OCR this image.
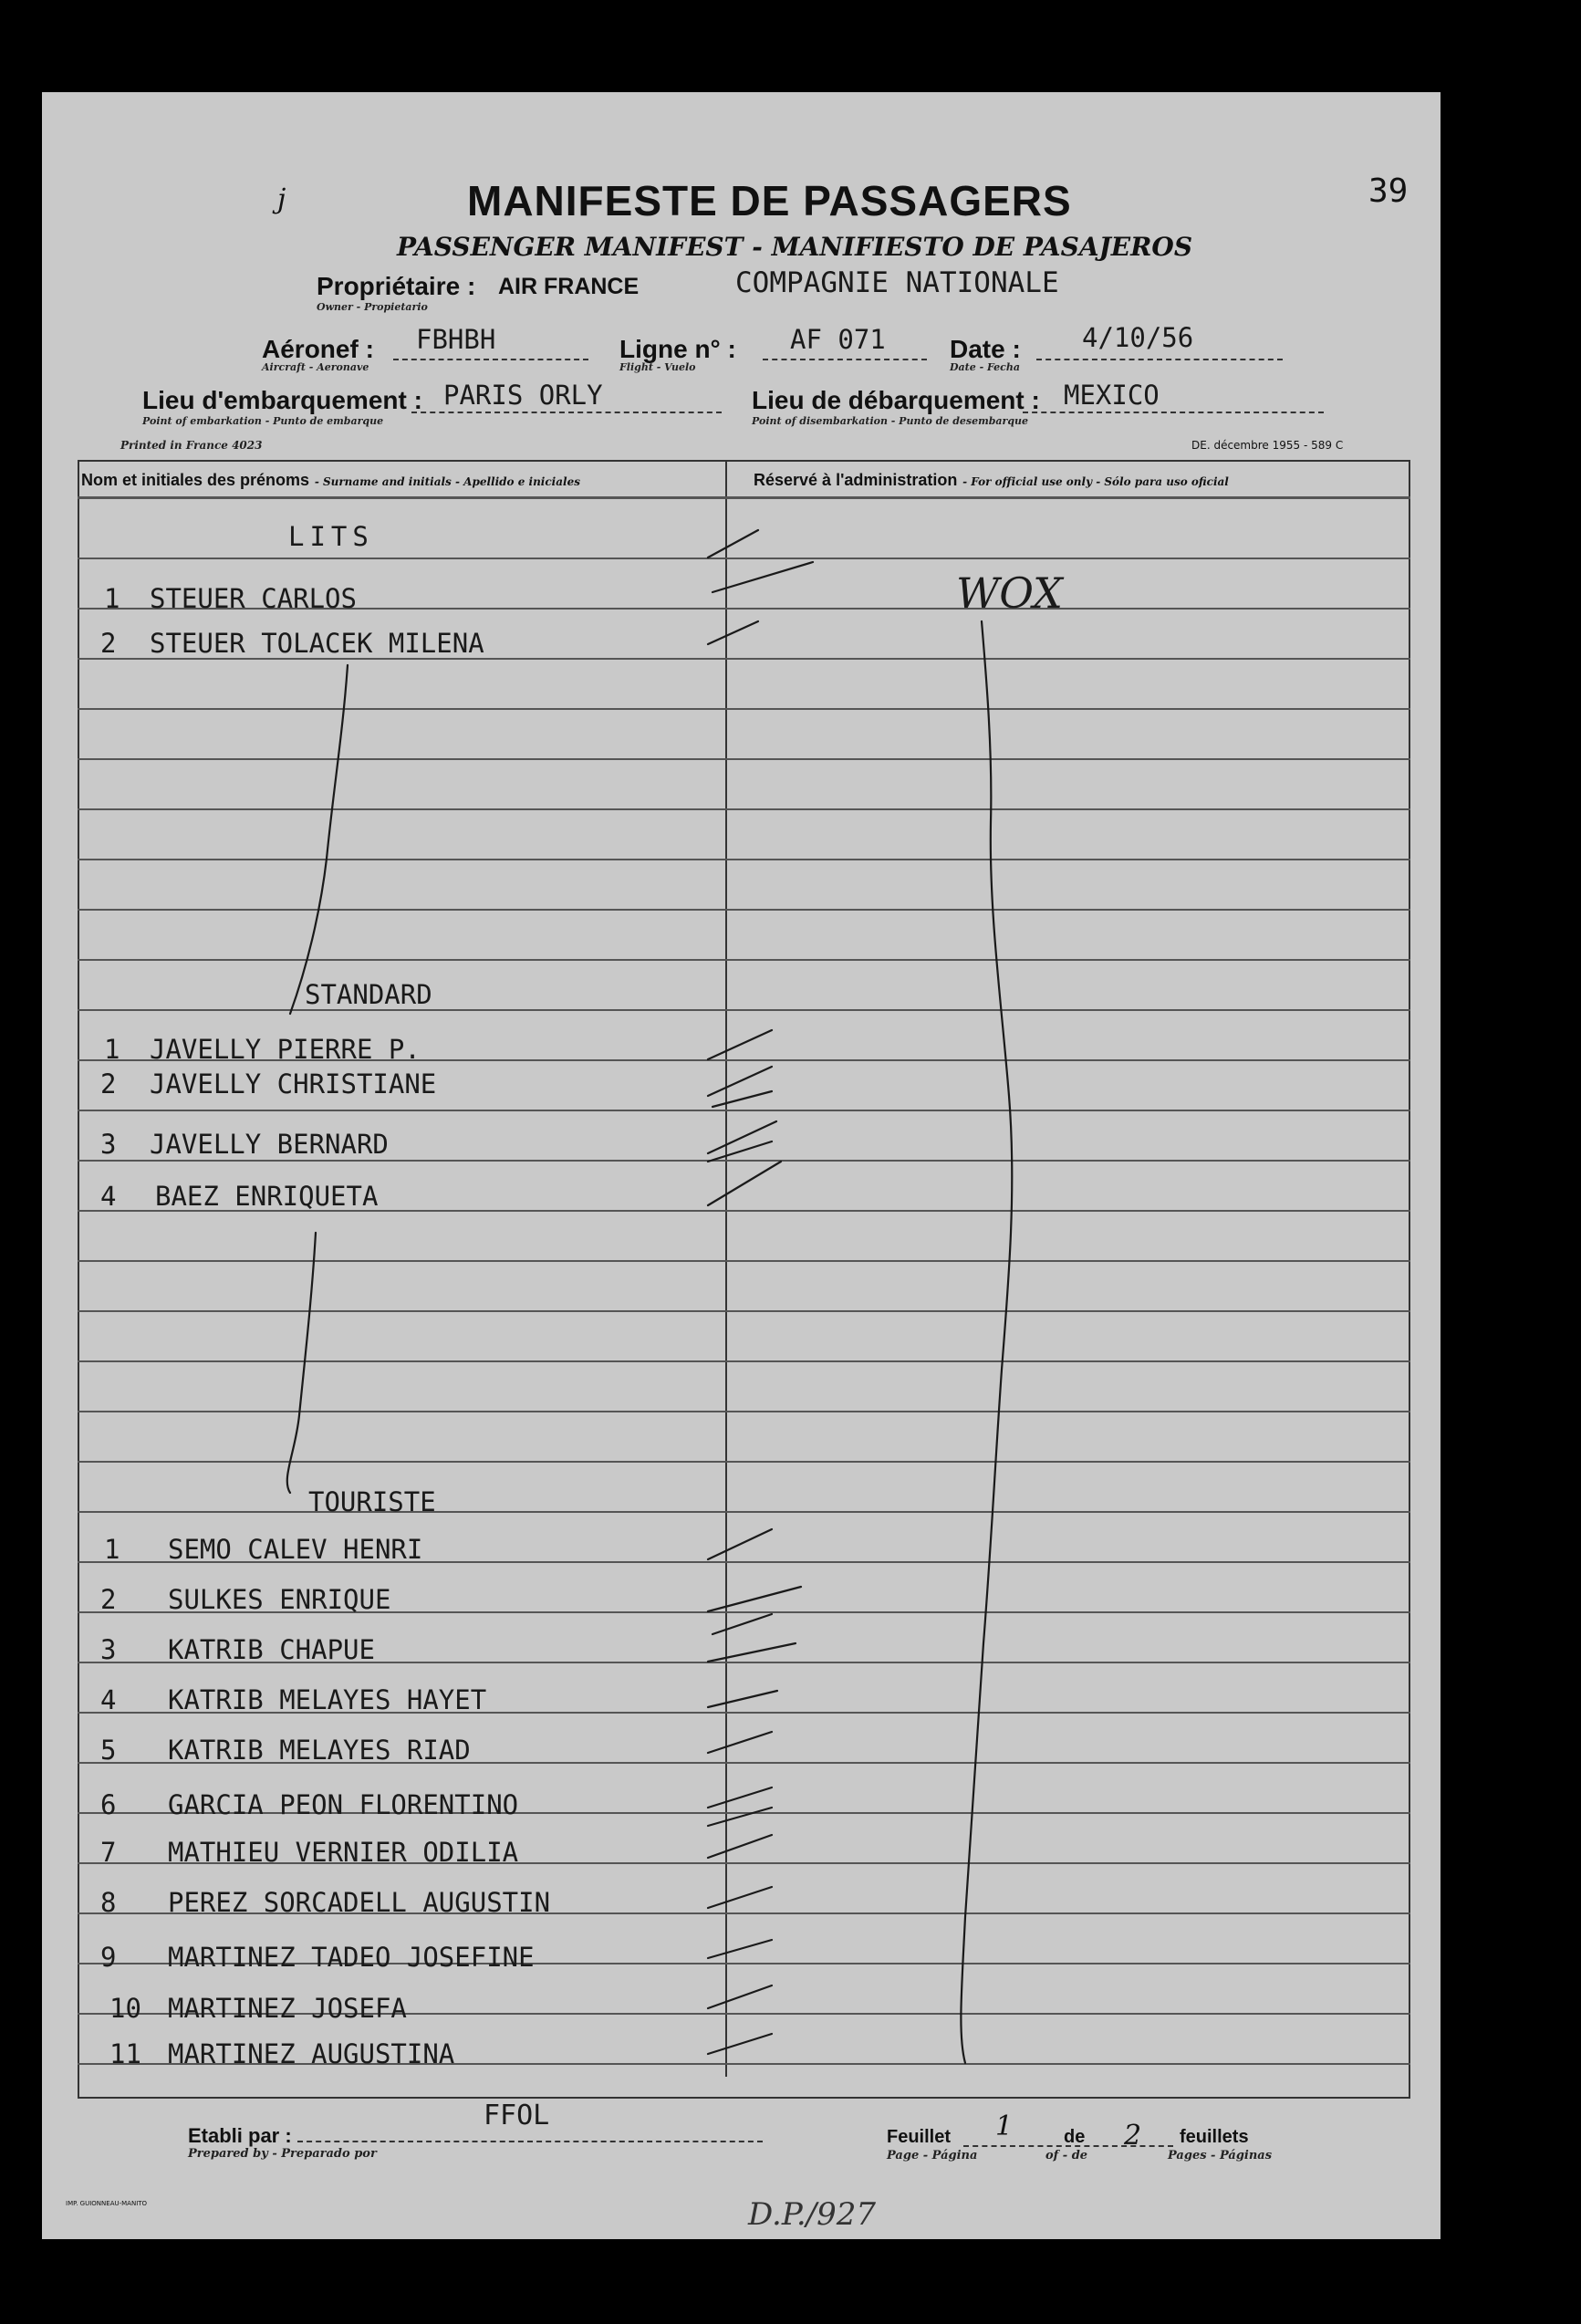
39
j	MANIFESTE DE PASSAGERS
PASSENGER MANIFEST - MANIFIESTO DE PASAJEROS
Propriétaire : AIR FRANCE	COMPAGNIE NATIONALE
Owner - Propietario
Aéronef : FBHBH
Aircraft - Aeronave
Ligne n° : AF 071
Flight - Vuelo
Date : 4/10/56
Date - Fecha
Lieu d'embarquement : PARIS ORLY
Point of embarkation - Punto de embarque
Lieu de débarquement : MEXICO
Point of disembarkation - Punto de desembarque
Printed in France 4023	DE. décembre 1955 - 589 C
Nom et initiales des prénoms - Surname and initials - Apellido e iniciales	Réservé à l'administration - For official use only - Sólo para uso oficial
LITS
1 STEUER CARLOS
2 STEUER TOLACEK MILENA
STANDARD
1 JAVELLY PIERRE P.
2 JAVELLY CHRISTIANE
3 JAVELLY BERNARD
4 BAEZ ENRIQUETA
TOURISTE
1 SEMO CALEV HENRI
2 SULKES ENRIQUE
3 KATRIB CHAPUE
4 KATRIB MELAYES HAYET
5 KATRIB MELAYES RIAD
6 GARCIA PEON FLORENTINO
7 MATHIEU VERNIER ODILIA
8 PEREZ SORCADELL AUGUSTIN
9 MARTINEZ TADEO JOSEFINE
10 MARTINEZ JOSEFA
11 MARTINEZ AUGUSTINA
WOX
Etabli par :
Prepared by - Preparado por
FFOL
Feuillet 1	de 2 feuillets
Page - Página	of - de	Pages - Páginas
IMP. GUIONNEAU-MANITO	D.P./927
